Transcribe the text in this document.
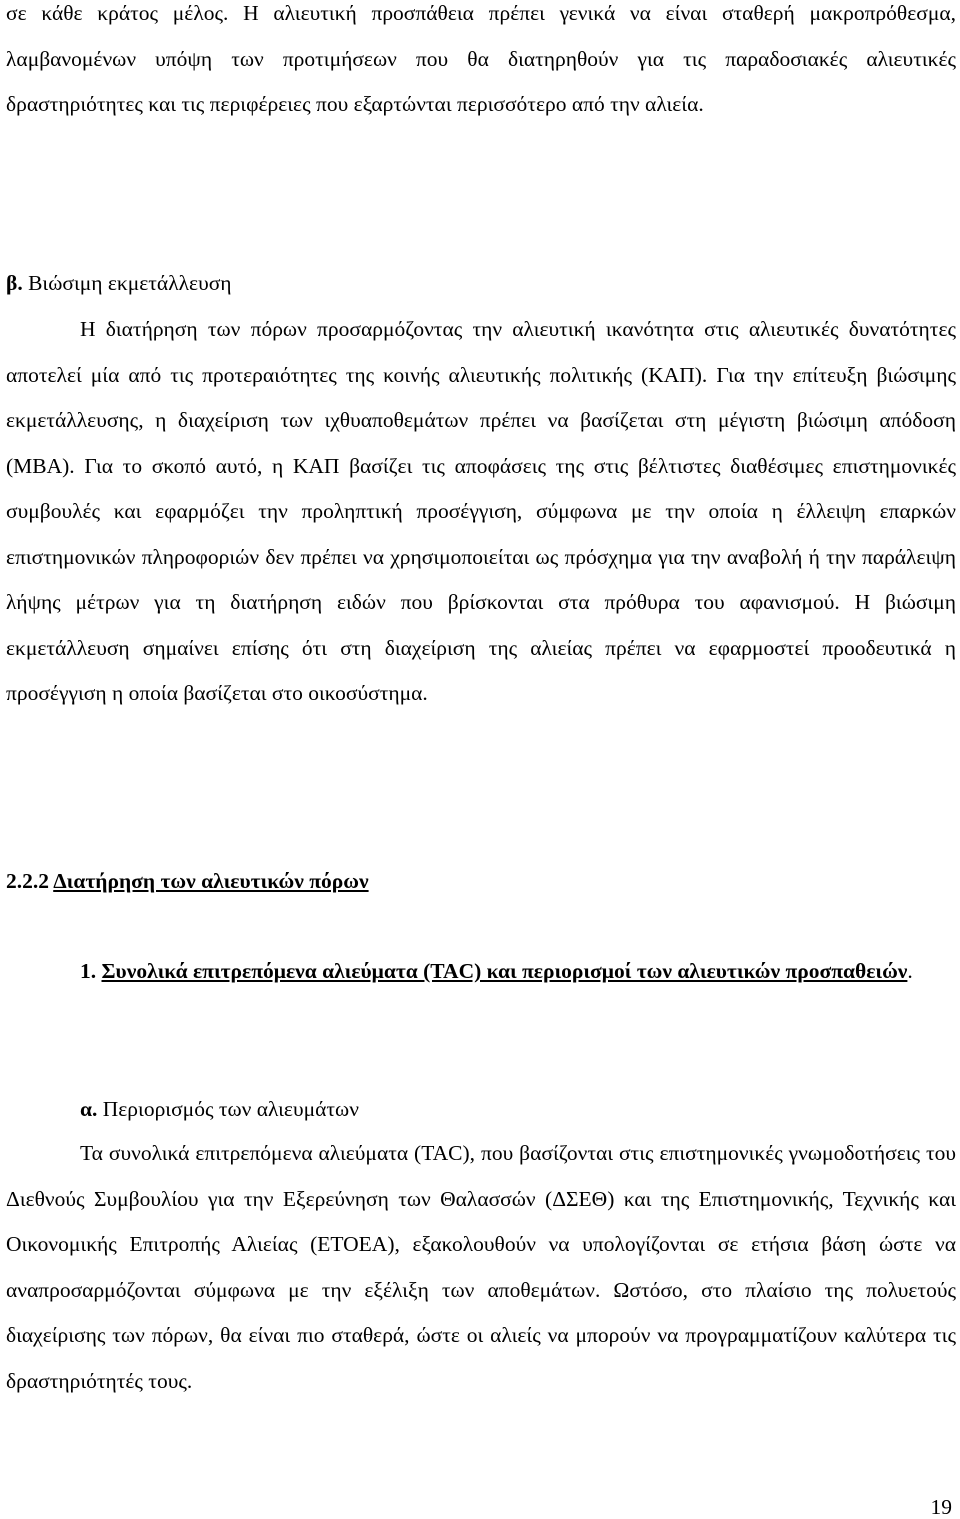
σε κάθε κράτος μέλος. Η αλιευτική προσπάθεια πρέπει γενικά να είναι σταθερή μακροπρόθεσμα, λαμβανομένων υπόψη των προτιμήσεων που θα διατηρηθούν για τις παραδοσιακές αλιευτικές δραστηριότητες και τις περιφέρειες που εξαρτώνται περισσότερο από την αλιεία.

β. Βιώσιμη εκμετάλλευση

Η διατήρηση των πόρων προσαρμόζοντας την αλιευτική ικανότητα στις αλιευτικές δυνατότητες αποτελεί μία από τις προτεραιότητες της κοινής αλιευτικής πολιτικής (ΚΑΠ). Για την επίτευξη βιώσιμης εκμετάλλευσης, η διαχείριση των ιχθυαποθεμάτων πρέπει να βασίζεται στη μέγιστη βιώσιμη απόδοση (ΜΒΑ). Για το σκοπό αυτό, η ΚΑΠ βασίζει τις αποφάσεις της στις βέλτιστες διαθέσιμες επιστημονικές συμβουλές και εφαρμόζει την προληπτική προσέγγιση, σύμφωνα με την οποία η έλλειψη επαρκών επιστημονικών πληροφοριών δεν πρέπει να χρησιμοποιείται ως πρόσχημα για την αναβολή ή την παράλειψη λήψης μέτρων για τη διατήρηση ειδών που βρίσκονται στα πρόθυρα του αφανισμού. Η βιώσιμη εκμετάλλευση σημαίνει επίσης ότι στη διαχείριση της αλιείας πρέπει να εφαρμοστεί προοδευτικά η προσέγγιση η οποία βασίζεται στο οικοσύστημα.

2.2.2 Διατήρηση των αλιευτικών πόρων

1. Συνολικά επιτρεπόμενα αλιεύματα (TAC) και περιορισμοί των αλιευτικών προσπαθειών.

α. Περιορισμός των αλιευμάτων

Τα συνολικά επιτρεπόμενα αλιεύματα (TAC), που βασίζονται στις επιστημονικές γνωμοδοτήσεις του Διεθνούς Συμβουλίου για την Εξερεύνηση των Θαλασσών (ΔΣΕΘ) και της Επιστημονικής, Τεχνικής και Οικονομικής Επιτροπής Αλιείας (ΕΤΟΕΑ), εξακολουθούν να υπολογίζονται σε ετήσια βάση ώστε να αναπροσαρμόζονται σύμφωνα με την εξέλιξη των αποθεμάτων. Ωστόσο, στο πλαίσιο της πολυετούς διαχείρισης των πόρων, θα είναι πιο σταθερά, ώστε οι αλιείς να μπορούν να προγραμματίζουν καλύτερα τις δραστηριότητές τους.

19
